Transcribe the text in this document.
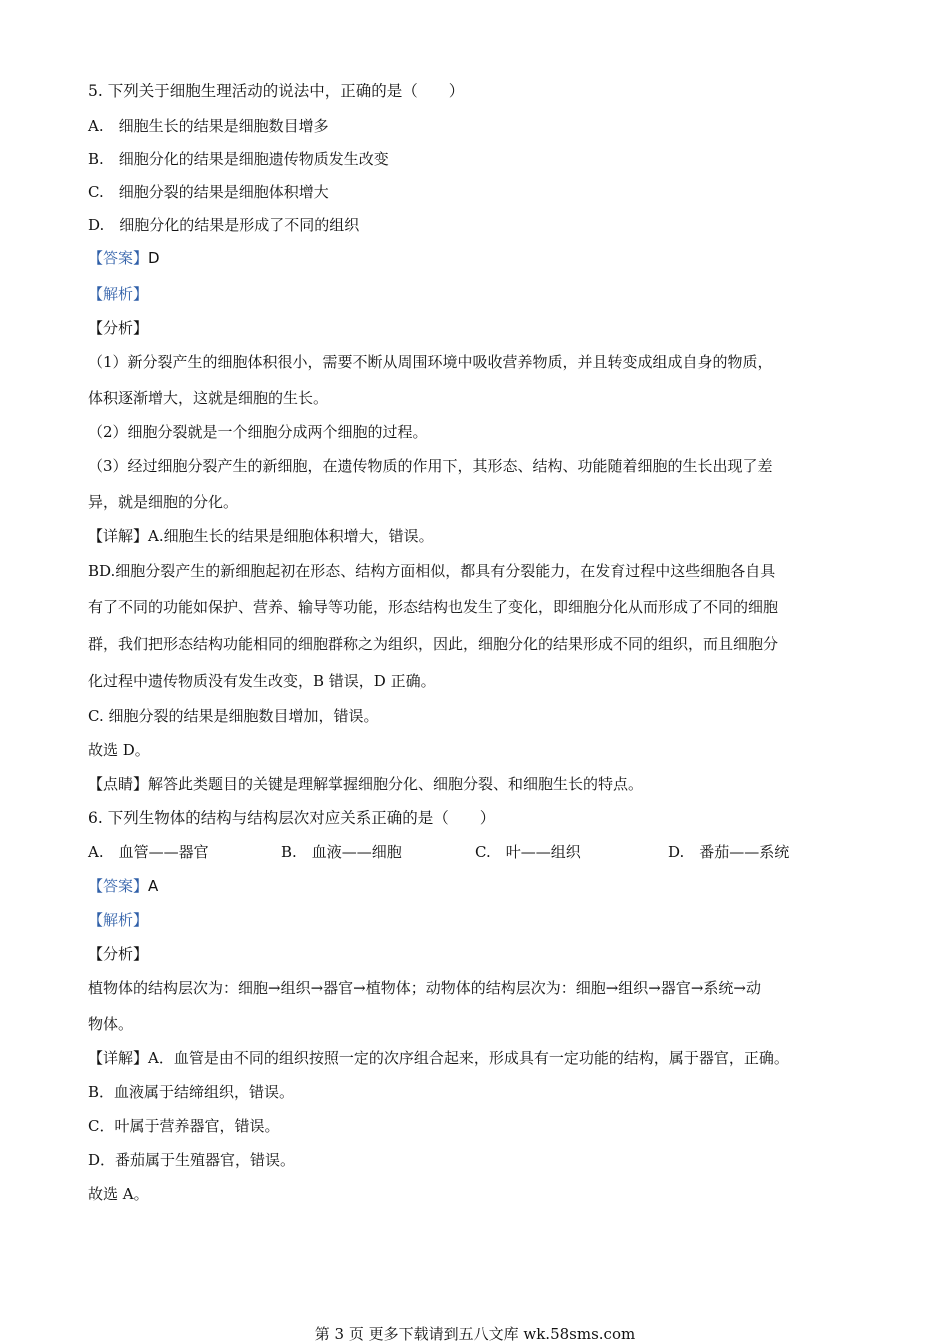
5. 下列关于细胞生理活动的说法中，正确的是（　　）
A.　细胞生长的结果是细胞数目增多
B.　细胞分化的结果是细胞遗传物质发生改变
C.　细胞分裂的结果是细胞体积增大
D.　细胞分化的结果是形成了不同的组织
【答案】D
【解析】
【分析】
（1）新分裂产生的细胞体积很小，需要不断从周围环境中吸收营养物质，并且转变成组成自身的物质，
体积逐渐增大，这就是细胞的生长。
（2）细胞分裂就是一个细胞分成两个细胞的过程。
（3）经过细胞分裂产生的新细胞，在遗传物质的作用下，其形态、结构、功能随着细胞的生长出现了差
异，就是细胞的分化。
【详解】A.细胞生长的结果是细胞体积增大，错误。
BD.细胞分裂产生的新细胞起初在形态、结构方面相似，都具有分裂能力，在发育过程中这些细胞各自具
有了不同的功能如保护、营养、输导等功能，形态结构也发生了变化，即细胞分化从而形成了不同的细胞
群，我们把形态结构功能相同的细胞群称之为组织，因此，细胞分化的结果形成不同的组织，而且细胞分
化过程中遗传物质没有发生改变，B 错误，D 正确。
C. 细胞分裂的结果是细胞数目增加，错误。
故选 D。
【点睛】解答此类题目的关键是理解掌握细胞分化、细胞分裂、和细胞生长的特点。
6. 下列生物体的结构与结构层次对应关系正确的是（　　）
A.　血管——器官	B.　血液——细胞	C.　叶——组织	D.　番茄——系统
【答案】A
【解析】
【分析】
植物体的结构层次为：细胞→组织→器官→植物体；动物体的结构层次为：细胞→组织→器官→系统→动
物体。
【详解】A．血管是由不同的组织按照一定的次序组合起来，形成具有一定功能的结构，属于器官，正确。
B．血液属于结缔组织，错误。
C．叶属于营养器官，错误。
D．番茄属于生殖器官，错误。
故选 A。
第 3 页 更多下载请到五八文库 wk.58sms.com
